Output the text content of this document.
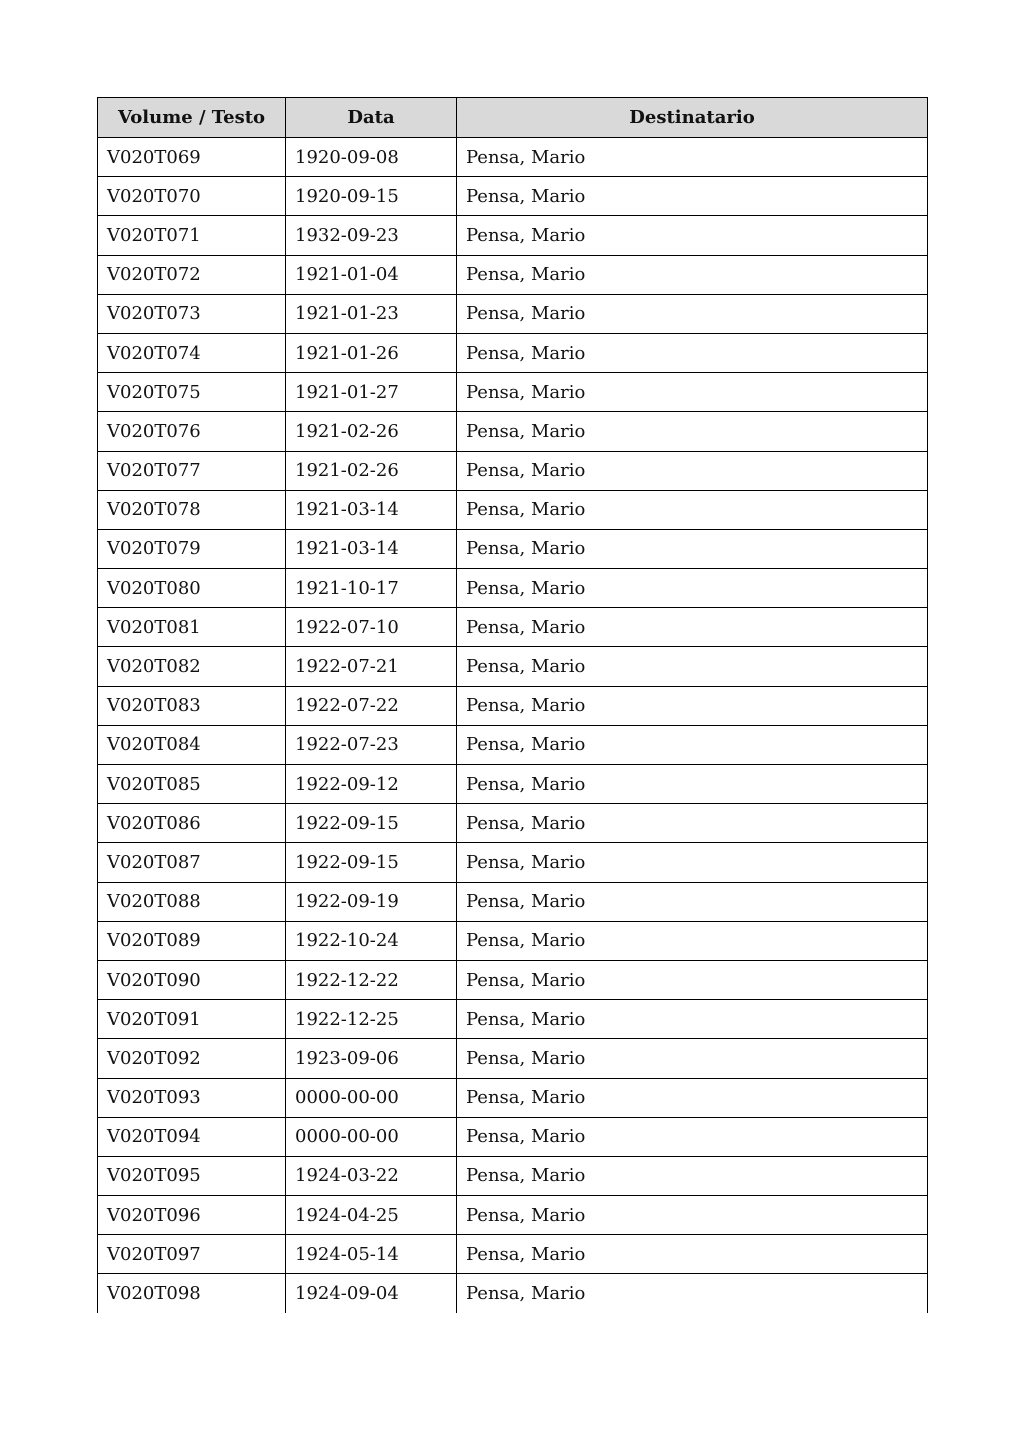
Volume / Testo	Data	Destinatario
V020T069	1920-09-08	Pensa, Mario
V020T070	1920-09-15	Pensa, Mario
V020T071	1932-09-23	Pensa, Mario
V020T072	1921-01-04	Pensa, Mario
V020T073	1921-01-23	Pensa, Mario
V020T074	1921-01-26	Pensa, Mario
V020T075	1921-01-27	Pensa, Mario
V020T076	1921-02-26	Pensa, Mario
V020T077	1921-02-26	Pensa, Mario
V020T078	1921-03-14	Pensa, Mario
V020T079	1921-03-14	Pensa, Mario
V020T080	1921-10-17	Pensa, Mario
V020T081	1922-07-10	Pensa, Mario
V020T082	1922-07-21	Pensa, Mario
V020T083	1922-07-22	Pensa, Mario
V020T084	1922-07-23	Pensa, Mario
V020T085	1922-09-12	Pensa, Mario
V020T086	1922-09-15	Pensa, Mario
V020T087	1922-09-15	Pensa, Mario
V020T088	1922-09-19	Pensa, Mario
V020T089	1922-10-24	Pensa, Mario
V020T090	1922-12-22	Pensa, Mario
V020T091	1922-12-25	Pensa, Mario
V020T092	1923-09-06	Pensa, Mario
V020T093	0000-00-00	Pensa, Mario
V020T094	0000-00-00	Pensa, Mario
V020T095	1924-03-22	Pensa, Mario
V020T096	1924-04-25	Pensa, Mario
V020T097	1924-05-14	Pensa, Mario
V020T098	1924-09-04	Pensa, Mario
